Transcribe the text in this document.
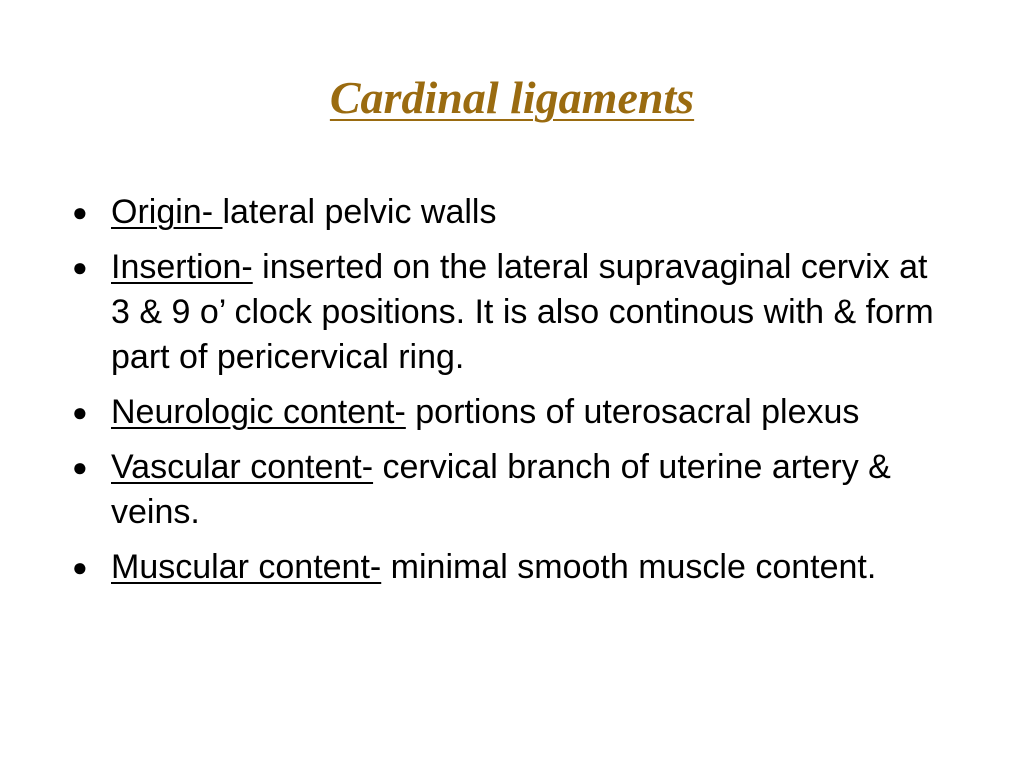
Cardinal ligaments
● Origin- lateral pelvic walls
● Insertion- inserted on the lateral supravaginal cervix at 3 & 9 o’ clock positions. It is also continous with & form part of pericervical ring.
● Neurologic content- portions of uterosacral plexus
● Vascular content- cervical branch of uterine artery & veins.
● Muscular content- minimal smooth muscle content.
